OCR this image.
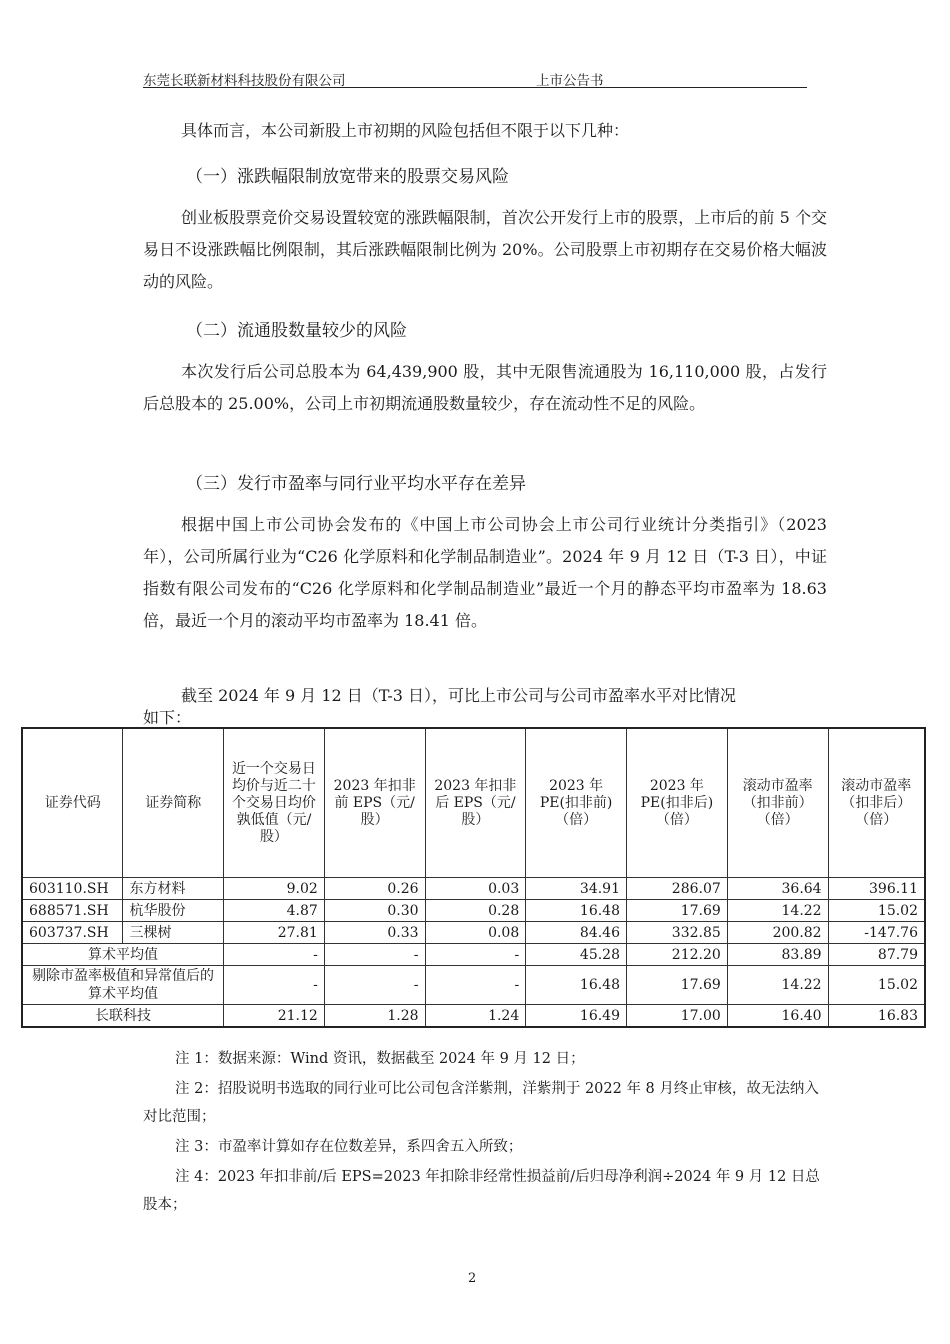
东莞长联新材料科技股份有限公司	上市公告书
具体而言，本公司新股上市初期的风险包括但不限于以下几种：
（一）涨跌幅限制放宽带来的股票交易风险
创业板股票竞价交易设置较宽的涨跌幅限制，首次公开发行上市的股票，上市后的前 5 个交易日不设涨跌幅比例限制，其后涨跌幅限制比例为 20%。公司股票上市初期存在交易价格大幅波动的风险。
（二）流通股数量较少的风险
本次发行后公司总股本为 64,439,900 股，其中无限售流通股为 16,110,000 股，占发行后总股本的 25.00%，公司上市初期流通股数量较少，存在流动性不足的风险。
（三）发行市盈率与同行业平均水平存在差异
根据中国上市公司协会发布的《中国上市公司协会上市公司行业统计分类指引》（2023 年），公司所属行业为“C26 化学原料和化学制品制造业”。2024 年 9 月 12 日（T-3 日），中证指数有限公司发布的“C26 化学原料和化学制品制造业”最近一个月的静态平均市盈率为 18.63 倍，最近一个月的滚动平均市盈率为 18.41 倍。
截至 2024 年 9 月 12 日（T-3 日），可比上市公司与公司市盈率水平对比情况
如下：
证券代码	证券简称	近一个交易日均价与近二十个交易日均价孰低值（元/股）	2023 年扣非前 EPS（元/股）	2023 年扣非后 EPS（元/股）	2023 年 PE(扣非前)（倍）	2023 年 PE(扣非后)（倍）	滚动市盈率（扣非前）（倍）	滚动市盈率（扣非后）（倍）
603110.SH	东方材料	9.02	0.26	0.03	34.91	286.07	36.64	396.11
688571.SH	杭华股份	4.87	0.30	0.28	16.48	17.69	14.22	15.02
603737.SH	三棵树	27.81	0.33	0.08	84.46	332.85	200.82	-147.76
算术平均值		-	-	-	45.28	212.20	83.89	87.79
剔除市盈率极值和异常值后的算术平均值		-	-	-	16.48	17.69	14.22	15.02
长联科技		21.12	1.28	1.24	16.49	17.00	16.40	16.83
注 1：数据来源：Wind 资讯，数据截至 2024 年 9 月 12 日；
注 2：招股说明书选取的同行业可比公司包含洋紫荆，洋紫荆于 2022 年 8 月终止审核，故无法纳入对比范围；
注 3：市盈率计算如存在位数差异，系四舍五入所致；
注 4：2023 年扣非前/后 EPS=2023 年扣除非经常性损益前/后归母净利润÷2024 年 9 月 12 日总股本；
2
